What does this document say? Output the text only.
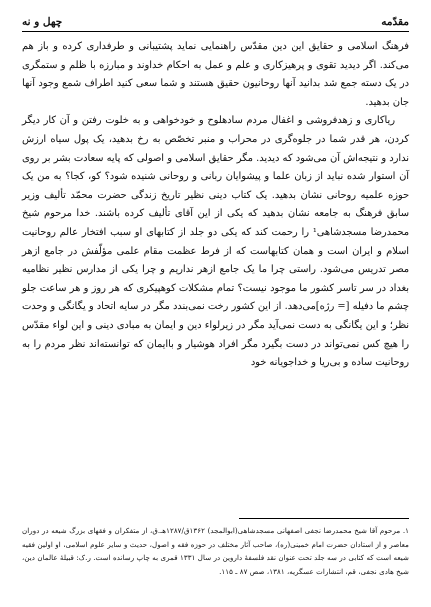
مقدّمه
چهل و نه

فرهنگ اسلامی و حقایق این دین مقدّس راهنمایی نماید پشتیبانی و طرفداری کرده و باز هم می‌کند. اگر دیدید تقوی و پرهیزکاری و علم و عمل به احکام خداوند و مبارزه با ظلم و ستمگری در یک دسته جمع شد بدانید آنها روحانیون حقیق هستند و شما سعی کنید اطراف شمع وجود آنها جان بدهید.

ریاکاری و زهدفروشی و اغفال مردم سادهلوح و خودخواهی و به خلوت رفتن و آن کار دیگر کردن، هر قدر شما در جلوه‌گری در محراب و منبر تخصّص به رخ بدهید، یک پول سیاه ارزش ندارد و نتیجه‌اش آن می‌شود که دیدید. مگر حقایق اسلامی و اصولی که پایه سعادت بشر بر روی آن استوار شده نباید از زبان علما و پیشوایان ربانی و روحانی شنیده شود؟ کو، کجا؟ به من یک حوزه علمیه روحانی نشان بدهید. یک کتاب دینی نظیر تاریخ زندگی حضرت محمّد تألیف وزیر سابق فرهنگ به جامعه نشان بدهید که یکی از این آقای تألیف کرده باشند. خدا مرحوم شیخ محمدرضا مسجدشاهی¹ را رحمت کند که یکی دو جلد از کتابهای او سبب افتخار عالم روحانیت اسلام و ایران است و همان کتابهاست که از فرط عظمت مقام علمی مؤلّفش در جامع ازهر مصر تدریس می‌شود. راستی چرا ما یک جامع ازهر نداریم و چرا یکی از مدارس نظیر نظامیه بغداد در سر تاسر کشور ما موجود نیست؟ تمام مشکلات کوهپیکری که هر روز و هر ساعت جلو چشم ما دفیله [= رژه]می‌دهد. از این کشور رخت نمی‌بندد مگر در سایه اتحاد و یگانگی و وحدت نظر؛ و این یگانگی به دست نمی‌آید مگر در زیرلواء دین و ایمان به مبادی دینی و این لواء مقدّس را هیچ کس نمی‌تواند در دست بگیرد مگر افراد هوشیار و باایمان که توانسته‌اند نظر مردم را به روحانیت ساده و بی‌ریا و خداجویانه خود

۱. مرحوم آقا شیخ محمدرضا نجفی اصفهانی مسجدشاهی(ابوالمجد) ۱۳۶۲ق/۱۲۸۷هـ.ق، از متفکران و فقهای بزرگ شیعه در دوران معاصر و از استادان حضرت امام خمینی(ره)، صاحب آثار مختلف در حوزه فقه و اصول، حدیث و سایر علوم اسلامی، او اولین فقیه شیعه است که کتابی در سه جلد تحت عنوان نقد فلسفهٔ داروین در سال ۱۳۳۱ قمری به چاپ رسانده است. ر.ک: قبیلهٔ عالمان دین، شیخ هادی نجفی، قم، انتشارات عسگریه، ۱۳۸۱، صص ۸۷ ـ ۱۱۵.
